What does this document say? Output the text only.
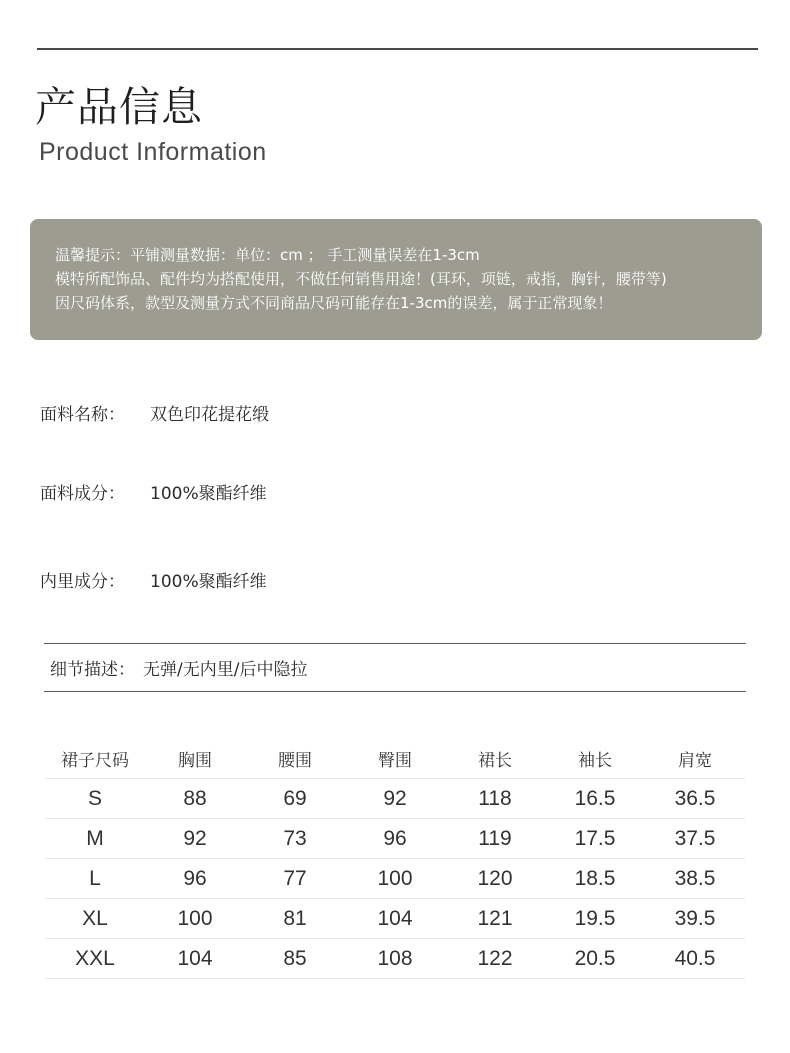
产品信息
Product Information
温馨提示：平铺测量数据：单位：cm ； 手工测量误差在1-3cm
模特所配饰品、配件均为搭配使用，不做任何销售用途！(耳环，项链，戒指，胸针，腰带等)
因尺码体系，款型及测量方式不同商品尺码可能存在1-3cm的误差，属于正常现象！
面料名称： 双色印花提花缎
面料成分： 100%聚酯纤维
内里成分： 100%聚酯纤维
细节描述： 无弹/无内里/后中隐拉
裙子尺码	胸围	腰围	臀围	裙长	袖长	肩宽
S	88	69	92	118	16.5	36.5
M	92	73	96	119	17.5	37.5
L	96	77	100	120	18.5	38.5
XL	100	81	104	121	19.5	39.5
XXL	104	85	108	122	20.5	40.5
